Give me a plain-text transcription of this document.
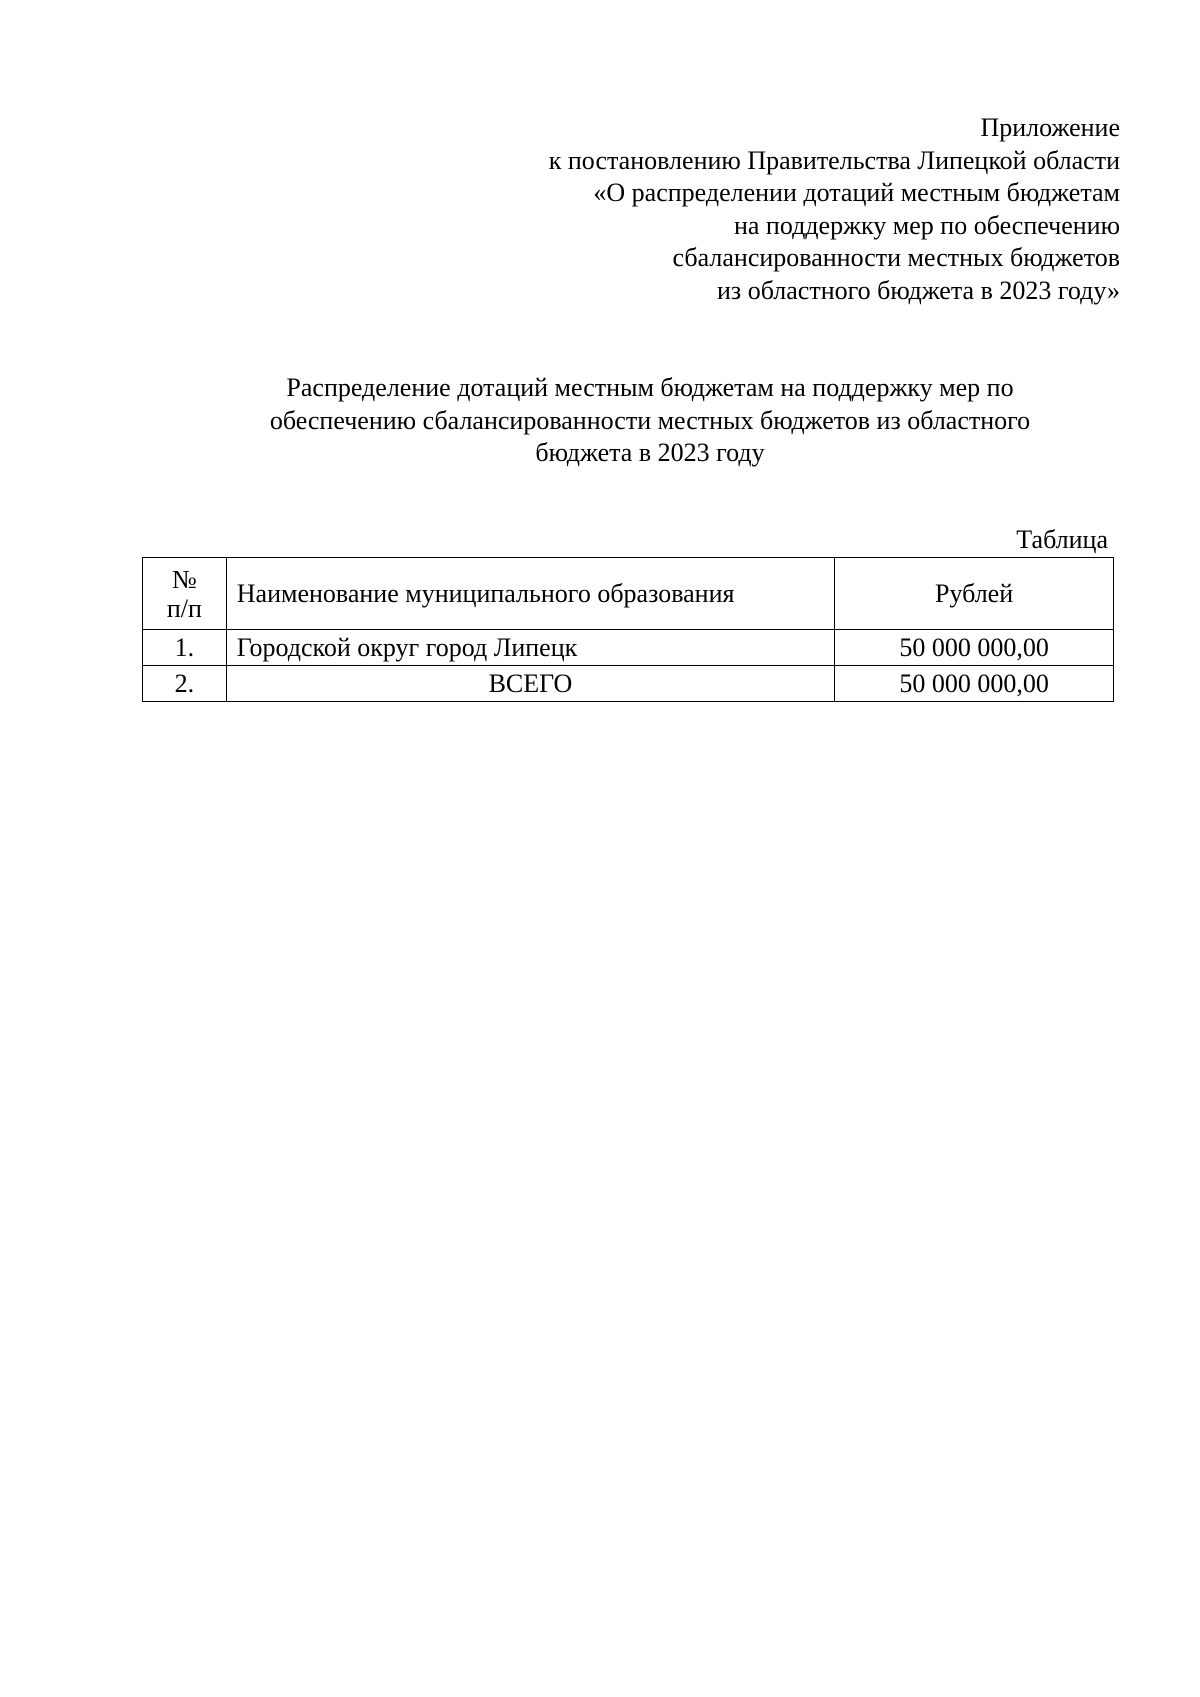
Приложение
к постановлению Правительства Липецкой области
«О распределении дотаций местным бюджетам
на поддержку мер по обеспечению
сбалансированности местных бюджетов
из областного бюджета в 2023 году»
Распределение дотаций местным бюджетам на поддержку мер по
обеспечению сбалансированности местных бюджетов из областного
бюджета в 2023 году
Таблица
№
п/п	Наименование муниципального образования	Рублей
1.	Городской округ город Липецк	50 000 000,00
2.	ВСЕГО	50 000 000,00
